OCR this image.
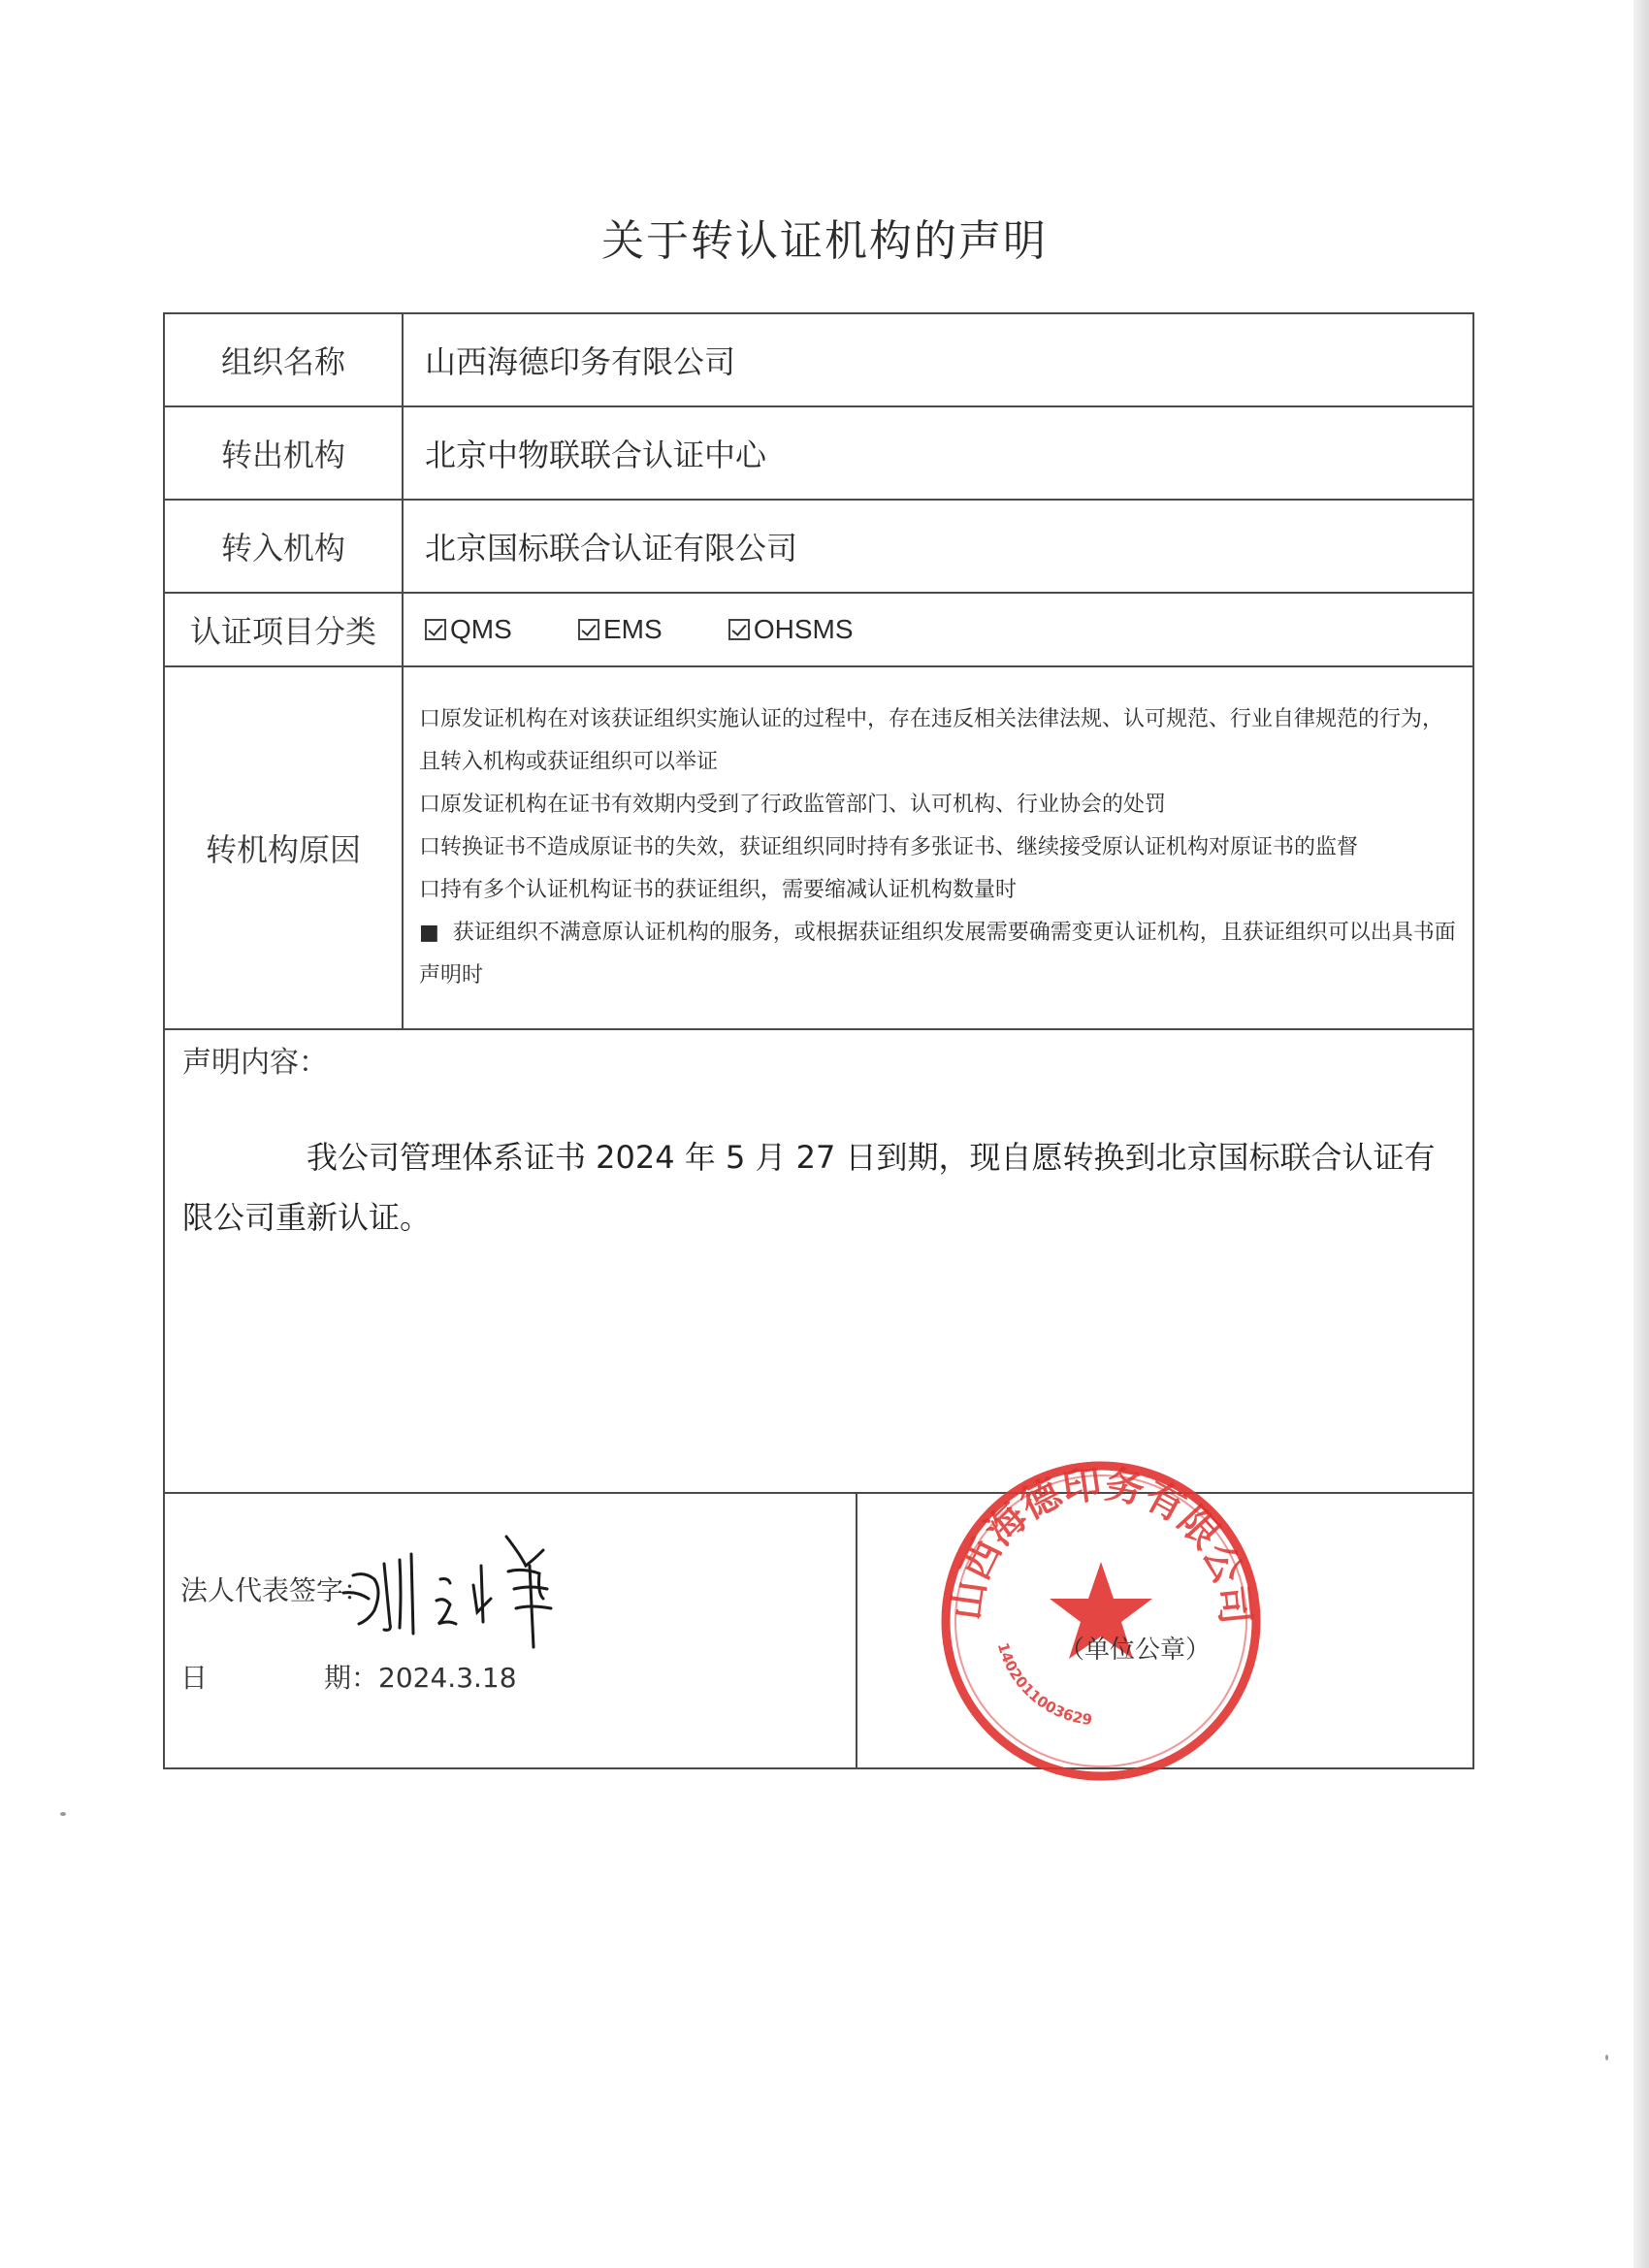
关于转认证机构的声明
组织名称	山西海德印务有限公司
转出机构	北京中物联联合认证中心
转入机构	北京国标联合认证有限公司
认证项目分类	QMS
EMS
OHSMS

转机构原因	口原发证机构在对该获证组织实施认证的过程中，存在违反相关法律法规、认可规范、行业自律规范的行为，且转入机构或获证组织可以举证
口原发证机构在证书有效期内受到了行政监管部门、认可机构、行业协会的处罚
口转换证书不造成原证书的失效，获证组织同时持有多张证书、继续接受原认证机构对原证书的监督
口持有多个认证机构证书的获证组织，需要缩减认证机构数量时
■ 获证组织不满意原认证机构的服务，或根据获证组织发展需要确需变更认证机构，且获证组织可以出具书面声明时

声明内容：
我公司管理体系证书 2024 年 5 月 27 日到期，现自愿转换到北京国标联合认证有限公司重新认证。	

法人代表签字：
日 期：2024.3.18	
山西海德印务有限公司
1402011003629
（单位公章）
